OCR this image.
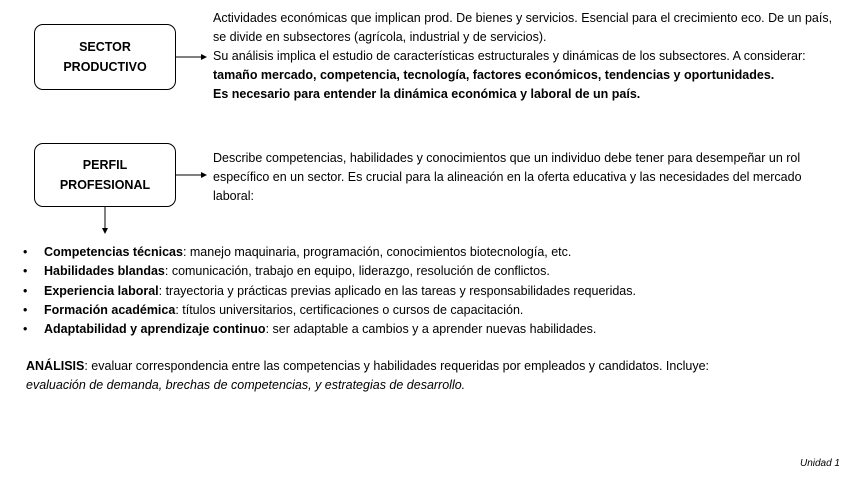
SECTOR
PRODUCTIVO

Actividades económicas que implican prod. De bienes y servicios. Esencial para el crecimiento eco. De un país, se divide en subsectores (agrícola, industrial y de servicios).
Su análisis implica el estudio de características estructurales y dinámicas de los subsectores. A considerar: tamaño mercado, competencia, tecnología, factores económicos, tendencias y oportunidades.
Es necesario para entender la dinámica económica y laboral de un país.

PERFIL
PROFESIONAL

Describe competencias, habilidades y conocimientos que un individuo debe tener para desempeñar un rol específico en un sector. Es crucial para la alineación en la oferta educativa y las necesidades del mercado laboral:

• Competencias técnicas: manejo maquinaria, programación, conocimientos biotecnología, etc.
• Habilidades blandas: comunicación, trabajo en equipo, liderazgo, resolución de conflictos.
• Experiencia laboral: trayectoria y prácticas previas aplicado en las tareas y responsabilidades requeridas.
• Formación académica: títulos universitarios, certificaciones o cursos de capacitación.
• Adaptabilidad y aprendizaje continuo: ser adaptable a cambios y a aprender nuevas habilidades.

ANÁLISIS: evaluar correspondencia entre las competencias y habilidades requeridas por empleados y candidatos. Incluye: evaluación de demanda, brechas de competencias, y estrategias de desarrollo.

Unidad 1
